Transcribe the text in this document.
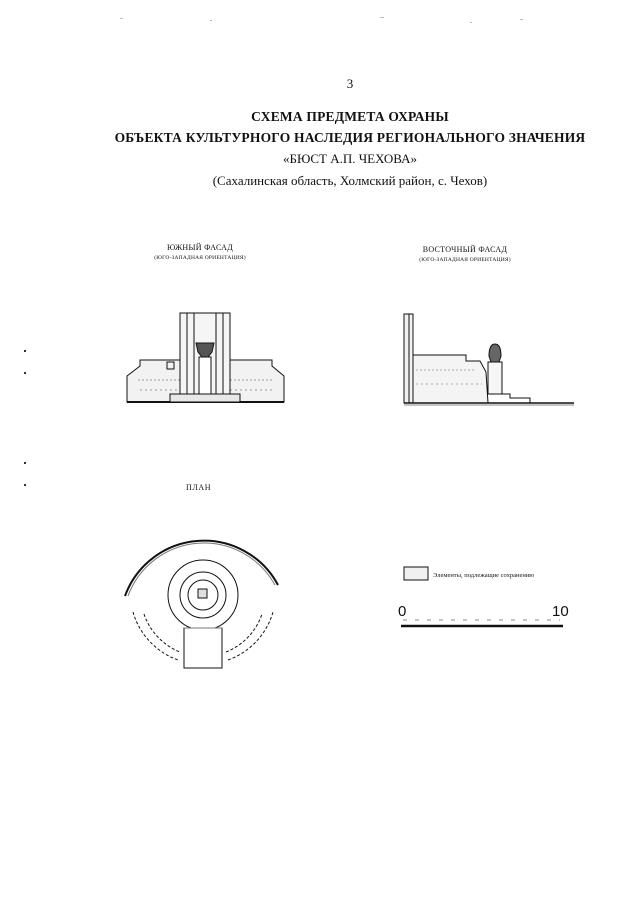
3
СХЕМА ПРЕДМЕТА ОХРАНЫ
ОБЪЕКТА КУЛЬТУРНОГО НАСЛЕДИЯ РЕГИОНАЛЬНОГО ЗНАЧЕНИЯ
«БЮСТ А.П. ЧЕХОВА»
(Сахалинская область, Холмский район, с. Чехов)
ЮЖНЫЙ ФАСАД
(ЮГО-ЗАПАДНАЯ ОРИЕНТАЦИЯ)
ВОСТОЧНЫЙ ФАСАД
(ЮГО-ЗАПАДНАЯ ОРИЕНТАЦИЯ)
ПЛАН
Элементы, подлежащие сохранению
0	10
